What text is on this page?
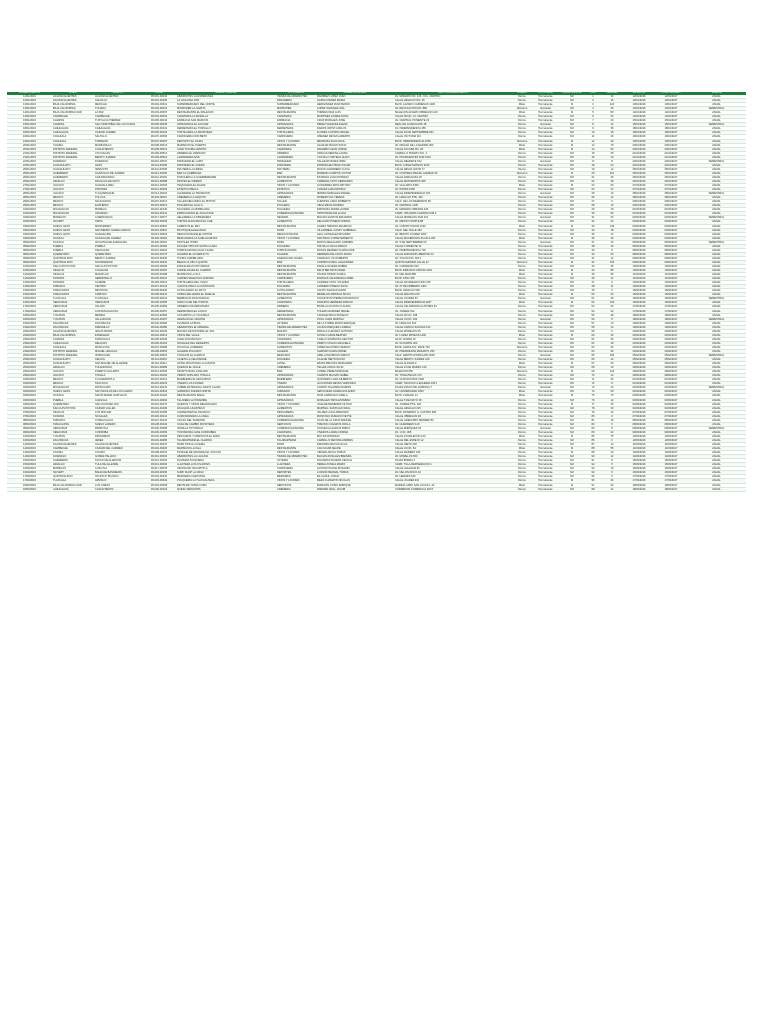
FECHA APROBACION	ESTADO	MUNICIPIO	CODIGO	NOMBRE COMERCIAL	TIPO COMERCIO	NOMBRE PROPIETARIO	DIRECCION ESTABLECIMIENTO	HORARIO	TIPO LICENCIA	PERMISO ESPECIAL	FOLIO	CAPACIDAD	EXPEDICION	ULTIMO REFRENDO	VIGENCIA
12/01/2016	AGUASCALIENTES	AGUASCALIENTES	06-001-00234	ABARROTES LA ESPERANZA	TIENDA DE ABARROTES	RAMIREZ LOPEZ JUAN	AV. MADERO NO. 123, COL. CENTRO	Diurno	Permanente	NO	1	30	12/01/2016	12/01/2017	ANUAL
12/01/2016	AGUASCALIENTES	CALVILLO	06-001-00235	LA CASA DEL PAN	PANADERIA	GARCIA PEREZ MARIA	CALLE HIDALGO NO. 45	Diurno	Permanente	NO	2	15	12/01/2016	12/01/2017	ANUAL
13/01/2016	BAJA CALIFORNIA	MEXICALI	06-002-00011	SUPERMERCADO DEL NORTE	SUPERMERCADO	HERNANDEZ RUIZ PEDRO	BLVD. LAZARO CARDENAS 1200	Mixto	Permanente	SI	3	120	13/01/2016	13/01/2017	ANUAL
13/01/2016	BAJA CALIFORNIA	TIJUANA	06-002-00012	MINISUPER LA GARITA	MINISUPER	LOPEZ SANCHEZ ANA	AV. REVOLUCION NO. 880	Nocturno	Eventual	NO	4	25	13/01/2016	13/01/2017	SEMESTRAL
14/01/2016	BAJA CALIFORNIA SUR	LA PAZ	06-003-00007	RESTAURANTE EL MALECON	RESTAURANTE	TORRES DIAZ LUIS	MALECON ALVARO OBREGON 210	Mixto	Permanente	SI	5	80	14/01/2016	14/01/2017	ANUAL
14/01/2016	CAMPECHE	CAMPECHE	06-004-00019	CAFETERIA LA MURALLA	CAFETERIA	MARTINEZ GOMEZ ROSA	CALLE 59 NO. 12, CENTRO	Diurno	Permanente	NO	6	40	14/01/2016	14/01/2017	ANUAL
15/01/2016	CHIAPAS	TUXTLA GUTIERREZ	06-005-00044	FARMACIA SAN MARCOS	FARMACIA	CRUZ MORALES JOSE	AV. CENTRAL PONIENTE 33	Diurno	Permanente	NO	7	20	15/01/2016	15/01/2017	ANUAL
15/01/2016	CHIAPAS	SAN CRISTOBAL DE LAS CASAS	06-005-00045	ARTESANIAS EL JAGUAR	ARTESANIAS	PEREZ VAZQUEZ ELENA	REAL DE GUADALUPE 18	Diurno	Eventual	NO	8	12	15/01/2016	15/01/2017	SEMESTRAL
18/01/2016	CHIHUAHUA	CHIHUAHUA	06-006-00101	FERRETERIA EL TORNILLO	FERRETERIA	RAMOS ORTIZ CARLOS	AV. INDEPENDENCIA 455	Diurno	Permanente	NO	9	35	18/01/2016	18/01/2017	ANUAL
18/01/2016	CHIHUAHUA	CIUDAD JUAREZ	06-006-00102	TORTILLERIA LA FRONTERA	TORTILLERIA	FLORES CASTRO MIGUEL	CALLE 16 DE SEPTIEMBRE 901	Diurno	Permanente	NO	10	18	18/01/2016	18/01/2017	ANUAL
19/01/2016	COAHUILA	SALTILLO	06-007-00066	CARNICERIA DON BETO	CARNICERIA	JIMENEZ REYES ALBERTO	CALLE VICTORIA 210	Diurno	Permanente	NO	11	16	19/01/2016	19/01/2017	ANUAL
19/01/2016	COAHUILA	TORREON	06-007-00067	DEPOSITO EL OASIS	VINOS Y LICORES	MENDOZA SILVA RAUL	BLVD. INDEPENDENCIA 1550	Nocturno	Permanente	SI	12	30	19/01/2016	19/01/2017	ANUAL
20/01/2016	COLIMA	MANZANILLO	06-008-00014	MARISCOS EL PUERTO	RESTAURANTE	AGUILAR ROJAS SOFIA	AV. MIGUEL DE LA MADRID 300	Mixto	Permanente	SI	13	70	20/01/2016	20/01/2017	ANUAL
20/01/2016	DISTRITO FEDERAL	CUAUHTEMOC	06-009-00512	CAFE TACUBA CENTRO	CAFETERIA	NAVARRO LEON JORGE	CALLE TACUBA NO. 28	Mixto	Permanente	SI	14	90	20/01/2016	20/01/2017	ANUAL
21/01/2016	DISTRITO FEDERAL	COYOACAN	06-009-00513	LIBRERIA EL PARNASO	LIBRERIA	VARGAS MEDINA LAURA	CARRILLO PUERTO NO. 2	Diurno	Permanente	NO	15	25	21/01/2016	21/01/2017	ANUAL
21/01/2016	DISTRITO FEDERAL	BENITO JUAREZ	06-009-00514	LAVANDERIA AZUL	LAVANDERIA	CASTILLO ORTEGA HUGO	AV. INSURGENTES SUR 1010	Diurno	Permanente	NO	16	10	21/01/2016	21/01/2017	ANUAL
22/01/2016	DURANGO	DURANGO	06-010-00031	PAPELERIA EL LAPIZ	PAPELERIA	SALAZAR NUNEZ IRMA	CALLE NEGRETE 512	Diurno	Eventual	NO	17	8	22/01/2016	22/01/2017	SEMESTRAL
22/01/2016	GUANAJUATO	LEON	06-011-00208	ZAPATERIA EL CUERO	ZAPATERIA	DOMINGUEZ PENA OSCAR	BLVD. LOPEZ MATEOS 2100	Diurno	Permanente	NO	18	22	22/01/2016	22/01/2017	ANUAL
25/01/2016	GUANAJUATO	IRAPUATO	06-011-00209	FRUTERIA LA FRESA	FRUTERIA	ROJAS GUERRERO LUCIA	CALLE REVOLUCION 77	Diurno	Permanente	NO	19	12	25/01/2016	25/01/2017	ANUAL
25/01/2016	GUERRERO	ACAPULCO DE JUAREZ	06-012-00150	BAR LA QUEBRADA	BAR	MORENO CAMPOS VICTOR	AV. COSTERA MIGUEL ALEMAN 40	Nocturno	Permanente	SI	20	110	25/01/2016	25/01/2017	ANUAL
26/01/2016	GUERRERO	CHILPANCINGO	06-012-00151	POZOLERIA LA GUERRERENSE	RESTAURANTE	ESTRADA LUNA PATRICIA	CALLE ZARAGOZA 15	Diurno	Permanente	NO	21	45	26/01/2016	26/01/2017	ANUAL
26/01/2016	HIDALGO	PACHUCA DE SOTO	06-013-00088	PASTES EL MINERO	ALIMENTOS	CABRERA SOTO FERNANDO	CALLE MATAMOROS 305	Diurno	Permanente	NO	22	28	26/01/2016	26/01/2017	ANUAL
27/01/2016	JALISCO	GUADALAJARA	06-014-00402	TEQUILERIA EL AGAVE	VINOS Y LICORES	GUTIERREZ RIOS ARTURO	AV. VALLARTA 3300	Mixto	Permanente	SI	23	60	27/01/2016	27/01/2017	ANUAL
27/01/2016	JALISCO	ZAPOPAN	06-014-00403	ESTETICA BELLA	ESTETICA	CHAVEZ LARA MONICA	AV. PATRIA 1500	Diurno	Permanente	NO	24	14	27/01/2016	27/01/2017	ANUAL
28/01/2016	JALISCO	TLAQUEPAQUE	06-014-00404	ALFARERIA LA TRADICION	ARTESANIAS	IBARRA MORALES RAFAEL	CALLE INDEPENDENCIA 160	Diurno	Eventual	NO	25	10	28/01/2016	28/01/2017	SEMESTRAL
28/01/2016	MEXICO	TOLUCA	06-015-00311	CREMERIA LA VAQUITA	CREMERIA	ROMERO GIL TERESA	AV. HIDALGO PTE. 400	Diurno	Permanente	NO	26	12	28/01/2016	28/01/2017	ANUAL
29/01/2016	MEXICO	NAUCALPAN	06-015-00312	TALLER MECANICO EL PISTON	TALLER	FUENTES CANO ROBERTO	CALZ. DE LOS REMEDIOS 99	Diurno	Permanente	NO	27	6	29/01/2016	29/01/2017	ANUAL
29/01/2016	MEXICO	ECATEPEC	06-015-00313	POLLERIA EL GALLO	POLLERIA	VEGA MEJIA SANDRA	AV. CENTRAL 1200	Diurno	Permanente	NO	28	10	29/01/2016	29/01/2017	ANUAL
01/02/2016	MICHOACAN	MORELIA	06-016-00140	DULCERIA LA MORELIANA	DULCERIA	ESPINOZA PARRA JAVIER	AV. MADERO ORIENTE 440	Diurno	Permanente	NO	29	15	01/02/2016	01/02/2017	ANUAL
01/02/2016	MICHOACAN	URUAPAN	06-016-00141	EMPACADORA EL AGUACATE	COMERCIALIZADORA	ORTIZ BARAJAS ALICIA	CARR. URUAPAN-CARAPAN KM 3	Diurno	Permanente	NO	30	50	01/02/2016	01/02/2017	ANUAL
02/02/2016	MORELOS	CUERNAVACA	06-017-00077	HELADERIA LA PRIMAVERA	NEVERIA	MOLINA SANTOS EDUARDO	CALLE MORELOS SUR 210	Diurno	Eventual	NO	31	20	02/02/2016	02/02/2017	SEMESTRAL
02/02/2016	NAYARIT	TEPIC	06-018-00029	TORTAS AHOGADAS EL CHE	ALIMENTOS	DELGADO PINEDA NORMA	AV. MEXICO NORTE 88	Diurno	Permanente	NO	32	24	02/02/2016	02/02/2017	ANUAL
03/02/2016	NUEVO LEON	MONTERREY	06-019-00520	CABRITOS EL REY	RESTAURANTE	GARZA TREVINO MAURICIO	AV. CONSTITUCION 1001	Mixto	Permanente	SI	33	140	03/02/2016	03/02/2017	ANUAL
03/02/2016	NUEVO LEON	SAN PEDRO GARZA GARCIA	06-019-00521	BOUTIQUE ELEGANCIA	ROPA	VILLARREAL CANTU GABRIELA	CALZ. DEL VALLE 400	Diurno	Permanente	NO	34	18	03/02/2016	03/02/2017	ANUAL
04/02/2016	NUEVO LEON	GUADALUPE	06-019-00522	REFACCIONARIA EL MOTOR	REFACCIONARIA	LEAL GONZALEZ RICARDO	AV. BENITO JUAREZ 2300	Diurno	Permanente	NO	35	12	04/02/2016	04/02/2017	ANUAL
04/02/2016	OAXACA	OAXACA DE JUAREZ	06-020-00118	MEZCALERIA LA GUELAGUETZA	VINOS Y LICORES	SANTIAGO LOPEZ ERNESTO	CALLE MACEDONIO ALCALA 303	Mixto	Permanente	SI	36	40	04/02/2016	04/02/2017	ANUAL
05/02/2016	OAXACA	JUCHITAN DE ZARAGOZA	06-020-00119	TEXTILES ISTMO	ROPA	MATUS REGALADO CARMEN	AV. 5 DE SEPTIEMBRE 60	Diurno	Eventual	NO	37	10	05/02/2016	05/02/2017	SEMESTRAL
05/02/2016	PUEBLA	PUEBLA	06-021-00290	DULCES TIPICOS SANTA CLARA	DULCERIA	TRUJILLO AVILA MARCO	CALLE 6 ORIENTE 12	Diurno	Permanente	NO	38	16	05/02/2016	05/02/2017	ANUAL
08/02/2016	PUEBLA	TEHUACAN	06-021-00291	PURIFICADORA AGUA CLARA	PURIFICADORA	ROSAS MENDEZ GUADALUPE	AV. INDEPENDENCIA 700	Diurno	Permanente	NO	39	8	08/02/2016	08/02/2017	ANUAL
08/02/2016	QUERETARO	QUERETARO	06-022-00175	GALERIA EL ACUEDUCTO	GALERIA	HERRERA PALACIOS DIANA	CALLE ANDADOR LIBERTAD 22	Diurno	Permanente	NO	40	20	08/02/2016	08/02/2017	ANUAL
09/02/2016	QUINTANA ROO	BENITO JUAREZ	06-023-00230	TOURS CARIBE AZUL	AGENCIA DE VIAJES	CAMACHO UC ROBERTO	AV. TULUM 150, SM 4	Diurno	Permanente	NO	41	12	09/02/2016	09/02/2017	ANUAL
09/02/2016	QUINTANA ROO	SOLIDARIDAD	06-023-00231	BEACH CLUB LA QUINTA	BAR	CORTES KUMUL ALEJANDRA	QUINTA AVENIDA CALLE 12	Nocturno	Permanente	SI	42	150	09/02/2016	09/02/2017	ANUAL
10/02/2016	SAN LUIS POTOSI	SAN LUIS POTOSI	06-024-00099	ENCHILADAS POTOSINAS	RESTAURANTE	ZAVALA OLVERA RUBEN	AV. CARRANZA 510	Diurno	Permanente	NO	43	36	10/02/2016	10/02/2017	ANUAL
10/02/2016	SINALOA	CULIACAN	06-025-00187	CARNE ASADA EL CHARRO	RESTAURANTE	FELIX BELTRAN OMAR	BLVD. EMILIANO ZAPATA 1220	Mixto	Permanente	SI	44	85	10/02/2016	10/02/2017	ANUAL
11/02/2016	SINALOA	MAZATLAN	06-025-00188	MARISCOS LA OLA	RESTAURANTE	OSUNA TIRADO KARLA	AV. DEL MAR 880	Mixto	Permanente	SI	45	95	11/02/2016	11/02/2017	ANUAL
11/02/2016	SONORA	HERMOSILLO	06-026-00210	CARNES SELECTAS SONORA	CARNICERIA	ENCINAS VALENZUELA ARIEL	BLVD. KINO 345	Diurno	Permanente	NO	46	14	11/02/2016	11/02/2017	ANUAL
12/02/2016	SONORA	CAJEME	06-026-00211	TORTILLERIA DEL YAQUI	TORTILLERIA	ALVAREZ COTA YOLANDA	CALLE NO REELECCION 415	Diurno	Permanente	NO	47	9	12/02/2016	12/02/2017	ANUAL
12/02/2016	TABASCO	CENTRO	06-027-00133	CHOCOLATES LA CHONTALPA	DULCERIA	LANDERO PRIEGO ELSA	AV. 27 DE FEBRERO 1400	Diurno	Permanente	NO	48	11	12/02/2016	12/02/2017	ANUAL
15/02/2016	TAMAULIPAS	REYNOSA	06-028-00240	AUTOLAVADO EL RAYO	AUTOLAVADO	CANTU SALINAS DAVID	BLVD. HIDALGO 900	Diurno	Permanente	NO	49	6	15/02/2016	15/02/2017	ANUAL
15/02/2016	TAMAULIPAS	TAMPICO	06-028-00241	JAIBAS RELLENAS EL MUELLE	RESTAURANTE	MEDELLIN ARRIAGA SILVIA	CALLE ADUANA 215	Mixto	Permanente	SI	50	64	15/02/2016	15/02/2017	ANUAL
16/02/2016	TLAXCALA	TLAXCALA	06-029-00041	BARBACOA DON PANCHO	ALIMENTOS	XOCHITIOTZI PEREZ FRANCISCO	CALLE JUAREZ 33	Diurno	Eventual	NO	51	30	16/02/2016	16/02/2017	SEMESTRAL
16/02/2016	VERACRUZ	VERACRUZ	06-030-00455	GRAN CAFE DEL PORTAL	CAFETERIA	ZAMUDIO HERRERA ADRIAN	CALLE INDEPENDENCIA 1187	Mixto	Permanente	SI	52	130	16/02/2016	16/02/2017	ANUAL
17/02/2016	VERACRUZ	XALAPA	06-030-00456	LIBRERIA UNIVERSITARIA	LIBRERIA	BONILLA ACOSTA CLAUDIA	CALLE XALAPENOS ILUSTRES 40	Diurno	Permanente	NO	53	20	17/02/2016	17/02/2017	ANUAL
17/02/2016	VERACRUZ	COATZACOALCOS	06-030-00457	FERRETERIA EL GOLFO	FERRETERIA	TOLEDO RAMIREZ ISRAEL	AV. JUAREZ 512	Diurno	Permanente	NO	54	22	17/02/2016	17/02/2017	ANUAL
18/02/2016	YUCATAN	MERIDA	06-031-00266	COCHINITA LA YUCATECA	RESTAURANTE	CANCHE PECH ROGELIO	CALLE 60 NO. 498	Diurno	Permanente	NO	55	48	18/02/2016	18/02/2017	ANUAL
18/02/2016	YUCATAN	VALLADOLID	06-031-00267	HAMACAS EL CENOTE	ARTESANIAS	POOL CHAN MARTHA	CALLE 41 NO. 200	Diurno	Eventual	NO	56	8	18/02/2016	18/02/2017	SEMESTRAL
19/02/2016	ZACATECAS	ZACATECAS	06-032-00084	PLATERIA LA BUFA	JOYERIA	DE LA TORRE ROMO ENRIQUE	AV. HIDALGO 610	Diurno	Permanente	NO	57	10	19/02/2016	19/02/2017	ANUAL
19/02/2016	ZACATECAS	FRESNILLO	06-032-00085	ABARROTES EL MINERAL	TIENDA DE ABARROTES	ACUNA MARQUEZ LORENA	CALLE GARCIA SALINAS 104	Diurno	Permanente	NO	58	14	19/02/2016	19/02/2017	ANUAL
22/02/2016	AGUASCALIENTES	JESUS MARIA	06-001-00236	MOLINO DE NIXTAMAL EL SOL	MOLINO	PADILLA LUEVANO ANTONIO	CALLE MORELOS 55	Diurno	Permanente	NO	59	6	22/02/2016	22/02/2017	ANUAL
22/02/2016	BAJA CALIFORNIA	ENSENADA	06-002-00013	VINOS DEL VALLE	VINOS Y LICORES	SOTELO ARCE BEATRIZ	AV. LOPEZ MATEOS 1200	Mixto	Permanente	SI	60	40	22/02/2016	22/02/2017	ANUAL
23/02/2016	CHIAPAS	TAPACHULA	06-005-00046	CAFE SOCONUSCO	CAFETERIA	COELLO ESPINOSA HECTOR	4A AV. NORTE 22	Diurno	Permanente	NO	61	26	23/02/2016	23/02/2017	ANUAL
23/02/2016	CHIHUAHUA	DELICIAS	06-006-00103	NOGALES DEL DESIERTO	COMERCIALIZADORA	PRIETO OCHOA GRACIELA	AV. 6A NORTE 300	Diurno	Permanente	NO	62	18	23/02/2016	23/02/2017	ANUAL
24/02/2016	COAHUILA	MONCLOVA	06-007-00068	TACOS EL ACERERO	ALIMENTOS	TAMEZ ELIZONDO SERGIO	BLVD. HAROLD R. PAPE 700	Nocturno	Permanente	NO	63	32	24/02/2016	24/02/2017	ANUAL
24/02/2016	DISTRITO FEDERAL	MIGUEL HIDALGO	06-009-00515	GALERIA POLANCO	GALERIA	SHAPIRO KLEIN DANIEL	AV. PRESIDENTE MASARYK 250	Diurno	Permanente	NO	64	30	24/02/2016	24/02/2017	ANUAL
25/02/2016	DISTRITO FEDERAL	IZTAPALAPA	06-009-00516	TIANGUIS EL CHARCO	MERCADO	ARELLANO BRAVO EMILIO	CALZ. ERMITA IZTAPALAPA 3000	Diurno	Eventual	NO	65	200	25/02/2016	25/02/2017	SEMESTRAL
25/02/2016	GUANAJUATO	CELAYA	06-011-00210	CAJETA LA CELAYENSE	DULCERIA	OLALDE NIETO ROCIO	CALLE BENITO JUAREZ 410	Diurno	Permanente	NO	66	12	25/02/2016	25/02/2017	ANUAL
26/02/2016	GUANAJUATO	SAN MIGUEL DE ALLENDE	06-011-00211	HOTEL BOUTIQUE LA CASONA	HOTEL	WHITE BROOKS MARGARET	CALLE ALDAMA 9	Mixto	Permanente	SI	67	40	26/02/2016	26/02/2017	ANUAL
26/02/2016	HIDALGO	TULANCINGO	06-013-00089	QUESOS EL VALLE	CREMERIA	TELLEZ ANAYA JULIO	CALLE 21 DE MARZO 140	Diurno	Permanente	NO	68	10	26/02/2016	26/02/2017	ANUAL
29/02/2016	JALISCO	PUERTO VALLARTA	06-014-00405	SPORTS BAR LA PALAPA	BAR	CURIEL PEREZ ENRIQUE	MALECON 650	Nocturno	Permanente	SI	69	120	29/02/2016	28/02/2017	ANUAL
29/02/2016	JALISCO	TONALA	06-014-00406	VIDRIO SOPLADO TONALA	ARTESANIAS	CAMPOS MACIAS ISABEL	AV. TONALTECAS 170	Diurno	Permanente	NO	70	14	29/02/2016	28/02/2017	ANUAL
01/03/2016	MEXICO	TLALNEPANTLA	06-015-00314	MUEBLERIA EL DESCANSO	MUEBLERIA	QUINTERO LARA GILBERTO	AV. GUSTAVO BAZ 2160	Diurno	Permanente	NO	71	26	01/03/2016	01/03/2017	ANUAL
01/03/2016	MEXICO	TEXCOCO	06-015-00315	VIVERO LAS FLORES	VIVERO	ALCANTARA REYES VERONICA	CARR. TEXCOCO-LECHERIA KM 2	Diurno	Permanente	NO	72	8	01/03/2016	01/03/2017	ANUAL
02/03/2016	MICHOACAN	PATZCUARO	06-016-00142	COBRE ARTESANAL SANTA CLARA	ARTESANIAS	CAPIRO TALAVERA RAMON	PLAZA VASCO DE QUIROGA 7	Diurno	Eventual	NO	73	10	02/03/2016	02/03/2017	SEMESTRAL
02/03/2016	NUEVO LEON	SAN NICOLAS DE LOS GARZA	06-019-00523	GIMNASIO FUERZA NORTE	GIMNASIO	SEPULVEDA GARZA ROLANDO	AV. UNIVERSIDAD 1800	Mixto	Permanente	NO	74	60	02/03/2016	02/03/2017	ANUAL
03/03/2016	OAXACA	SANTA MARIA HUATULCO	06-020-00120	RESTAURANTE BAHIA	RESTAURANTE	RUIZ CARRASCO ADELA	BLVD. CHAHUE 14	Mixto	Permanente	SI	75	70	03/03/2016	03/03/2017	ANUAL
03/03/2016	PUEBLA	CHOLULA	06-021-00292	TALAVERA LA PIRAMIDE	ARTESANIAS	MORALES TAPIA ESTEBAN	CALLE 5 DE MAYO 18	Diurno	Permanente	NO	76	12	03/03/2016	03/03/2017	ANUAL
04/03/2016	QUERETARO	SAN JUAN DEL RIO	06-022-00176	QUESOS Y VINOS REGIONALES	VINOS Y LICORES	UGALDE RESENDIZ LETICIA	AV. JUAREZ PTE. 120	Diurno	Permanente	SI	77	15	04/03/2016	04/03/2017	ANUAL
04/03/2016	SAN LUIS POTOSI	CIUDAD VALLES	06-024-00100	ZACAHUIL HUASTECO	ALIMENTOS	MARTELL SANTIAGO RAUL	CALLE HIDALGO 215	Diurno	Permanente	NO	78	30	04/03/2016	04/03/2017	ANUAL
07/03/2016	SINALOA	LOS MOCHIS	06-025-00189	CAMARONES EL PACIFICO	PESCADERIA	VALDEZ LUGO ARMANDO	BLVD. ROSENDO G. CASTRO 480	Diurno	Permanente	NO	79	12	07/03/2016	07/03/2017	ANUAL
07/03/2016	SONORA	NOGALES	06-026-00212	CURIOSIDADES LA LINEA	ARTESANIAS	MONTANO DURAZO IVETTE	CALLE OBREGON 30	Diurno	Permanente	NO	80	9	07/03/2016	07/03/2017	ANUAL
08/03/2016	TABASCO	COMALCALCO	06-027-00134	CACAO DEL SURESTE	COMERCIALIZADORA	OLAN DE LA CRUZ MANUEL	CALLE GREGORIO MENDEZ 80	Diurno	Permanente	NO	81	16	08/03/2016	08/03/2017	ANUAL
08/03/2016	TAMAULIPAS	NUEVO LAREDO	06-028-00242	CASA DE CAMBIO FRONTERA	SERVICIOS	TREVINO CAVAZOS PAOLA	AV. GUERRERO 120	Diurno	Permanente	NO	82	6	08/03/2016	08/03/2017	ANUAL
09/03/2016	VERACRUZ	PAPANTLA	06-030-00458	VAINILLA TOTONACA	COMERCIALIZADORA	XOCHIHUA GARCIA PABLO	CALLE ENRIQUEZ 33	Diurno	Eventual	NO	83	8	09/03/2016	09/03/2017	SEMESTRAL
09/03/2016	VERACRUZ	CORDOBA	06-030-00459	TOSTADORA CAFE CORDOBES	CAFETERIA	VIVEROS LANDA NORMA	AV. 1 NO. 305	Diurno	Permanente	NO	84	22	09/03/2016	09/03/2017	ANUAL
10/03/2016	YUCATAN	PROGRESO	06-031-00268	PESCADOS Y MARISCOS EL FARO	RESTAURANTE	MAY EK RODRIGO	CALLE 19 MALECON 140	Mixto	Permanente	SI	85	75	10/03/2016	10/03/2017	ANUAL
10/03/2016	ZACATECAS	JEREZ	06-032-00086	TALABARTERIA EL CHARRO	TALABARTERIA	CARRILLO DEVORA ANDRES	CALLE DEL ESPEJO 12	Diurno	Permanente	NO	86	6	10/03/2016	10/03/2017	ANUAL
11/03/2016	AGUASCALIENTES	AGUASCALIENTES	06-001-00237	ROPA TIPICA LA FERIA	ROPA	ESPARZA MACIAS OLGA	CALLE NIETO 220	Diurno	Permanente	NO	87	14	11/03/2016	11/03/2017	ANUAL
11/03/2016	CAMPECHE	CIUDAD DEL CARMEN	06-004-00020	MARISCOS LA ISLA	RESTAURANTE	CAN UICAB FELIPE	CALLE 31 NO. 64	Mixto	Permanente	SI	88	55	11/03/2016	11/03/2017	ANUAL
14/03/2016	COLIMA	COLIMA	06-008-00015	PONCHE DE GRANADA EL VOLCAN	VINOS Y LICORES	VIRGEN ANAYA TOMAS	CALLE MADERO 180	Diurno	Permanente	SI	89	10	14/03/2016	14/03/2017	ANUAL
14/03/2016	DURANGO	GOMEZ PALACIO	06-010-00032	ABARROTES LA LAGUNA	TIENDA DE ABARROTES	MACIAS ROSALES BRENDA	AV. MORELOS 650	Diurno	Permanente	NO	90	12	14/03/2016	14/03/2017	ANUAL
15/03/2016	GUERRERO	TAXCO DE ALARCON	06-012-00152	PLATERIA TAXQUENA	JOYERIA	FIGUEROA NAJERA CECILIA	PLAZA BORDA 4	Diurno	Permanente	NO	91	8	15/03/2016	15/03/2017	ANUAL
15/03/2016	HIDALGO	TULA DE ALLENDE	06-013-00090	LLANTERA LOS ATLANTES	LLANTERA	PEREA ZUNIGA MARIO	CARR. TULA-REFINERIA KM 1	Diurno	Permanente	NO	92	5	15/03/2016	15/03/2017	ANUAL
16/03/2016	MORELOS	CUAUTLA	06-017-00078	CECINA DE YECAPIXTLA	CARNICERIA	ALONSO PALMA ROSALBA	CALLE GALEANA 90	Diurno	Permanente	NO	93	10	16/03/2016	16/03/2017	ANUAL
16/03/2016	NAYARIT	BAHIA DE BANDERAS	06-018-00030	SURF SHOP LA CRUZ	DEPORTES	LOZANO BERNAL TOMAS	AV. DEL PACIFICO 40	Diurno	Permanente	NO	94	8	16/03/2016	16/03/2017	ANUAL
17/03/2016	QUINTANA ROO	OTHON P. BLANCO	06-023-00232	MERCERIA CHETUMAL	MERCERIA	EK CANUL JUANA	AV. HEROES 180	Diurno	Permanente	NO	95	6	17/03/2016	17/03/2017	ANUAL
17/03/2016	TLAXCALA	APIZACO	06-029-00042	PULQUERIA LA TLAXCALTECA	VINOS Y LICORES	MEZA CUAMATZI NICOLAS	CALLE JUAREZ 210	Diurno	Permanente	SI	96	20	17/03/2016	17/03/2017	ANUAL
18/03/2016	BAJA CALIFORNIA SUR	LOS CABOS	06-003-00008	RENTA DE YATES CABO	SERVICIOS	BURGOIN COSIO ENRIQUE	MARINA CABO SAN LUCAS L-12	Mixto	Permanente	SI	97	30	18/03/2016	18/03/2017	ANUAL
18/03/2016	CHIHUAHUA	CUAUHTEMOC	06-006-00104	QUESO MENONITA	CREMERIA	FRIESEN WALL JACOB	CORREDOR COMERCIAL KM 8	Diurno	Permanente	NO	98	12	18/03/2016	18/03/2017	ANUAL
